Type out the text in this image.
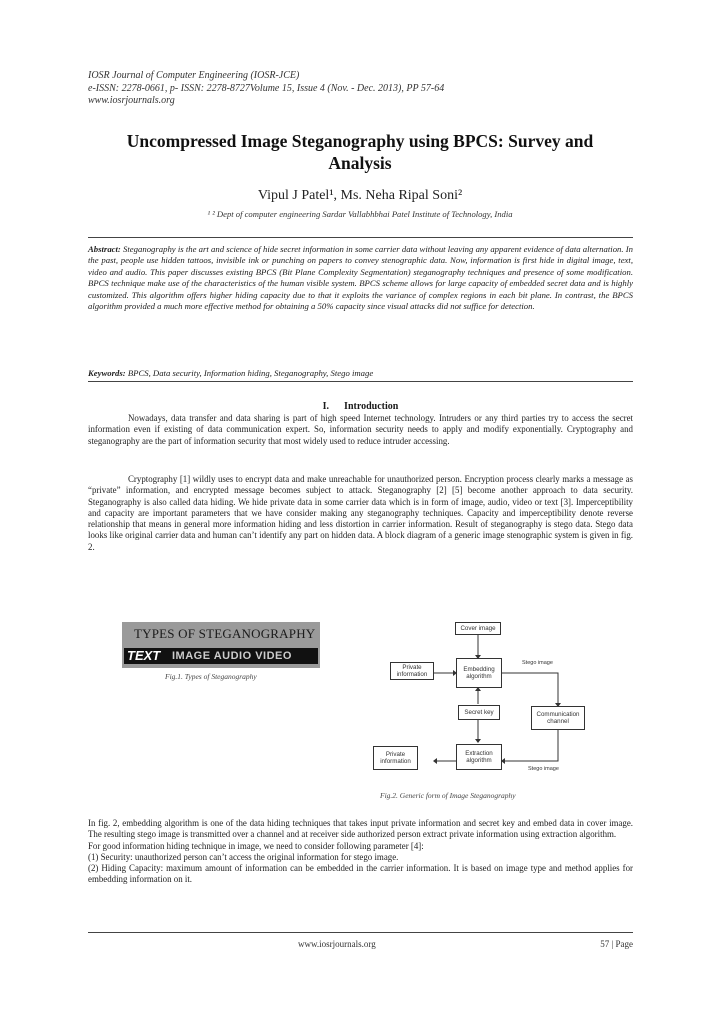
IOSR Journal of Computer Engineering (IOSR-JCE)
e-ISSN: 2278-0661, p- ISSN: 2278-8727Volume 15, Issue 4 (Nov. - Dec. 2013), PP 57-64
www.iosrjournals.org
Uncompressed Image Steganography using BPCS: Survey and
Analysis
Vipul J Patel¹, Ms. Neha Ripal Soni²
¹ ² Dept of computer engineering Sardar Vallabhbhai Patel Institute of Technology, India
Abstract: Steganography is the art and science of hide secret information in some carrier data without leaving any apparent evidence of data alternation. In the past, people use hidden tattoos, invisible ink or punching on papers to convey stenographic data. Now, information is first hide in digital image, text, video and audio. This paper discusses existing BPCS (Bit Plane Complexity Segmentation) steganography techniques and presence of some modification. BPCS technique make use of the characteristics of the human visible system. BPCS scheme allows for large capacity of embedded secret data and is highly customized. This algorithm offers higher hiding capacity due to that it exploits the variance of complex regions in each bit plane. In contrast, the BPCS algorithm provided a much more effective method for obtaining a 50% capacity since visual attacks did not suffice for detection.
Keywords: BPCS, Data security, Information hiding, Steganography, Stego image
I.      Introduction
Nowadays, data transfer and data sharing is part of high speed Internet technology. Intruders or any third parties try to access the secret information even if existing of data communication expert. So, information security needs to apply and modify exponentially. Cryptography and steganography are the part of information security that most widely used to reduce intruder accessing.
Cryptography [1] wildly uses to encrypt data and make unreachable for unauthorized person. Encryption process clearly marks a message as “private” information, and encrypted message becomes subject to attack. Steganography [2] [5] become another approach to data security. Steganography is also called data hiding. We hide private data in some carrier data which is in form of image, audio, video or text [3]. Imperceptibility and capacity are important parameters that we have consider making any steganography techniques. Capacity and imperceptibility denote reverse relationship that means in general more information hiding and less distortion in carrier information. Result of steganography is stego data. Stego data looks like original carrier data and human can’t identify any part on hidden data. A block diagram of a generic image stenographic system is given in fig. 2.
TYPES OF STEGANOGRAPHY
TEXT IMAGE AUDIO VIDEO
Fig.1. Types of Steganography
Cover image
Private information
Embedding algorithm
Stego image
Secret key	Communication channel
Private information
Extraction algorithm
Stego image
Fig.2. Generic form of Image Steganography
In fig. 2, embedding algorithm is one of the data hiding techniques that takes input private information and secret key and embed data in cover image. The resulting stego image is transmitted over a channel and at receiver side authorized person extract private information using extraction algorithm.
For good information hiding technique in image, we need to consider following parameter [4]:
(1) Security: unauthorized person can’t access the original information for stego image.
(2) Hiding Capacity: maximum amount of information can be embedded in the carrier information. It is based on image type and method applies for embedding information on it.
www.iosrjournals.org	57 | Page
